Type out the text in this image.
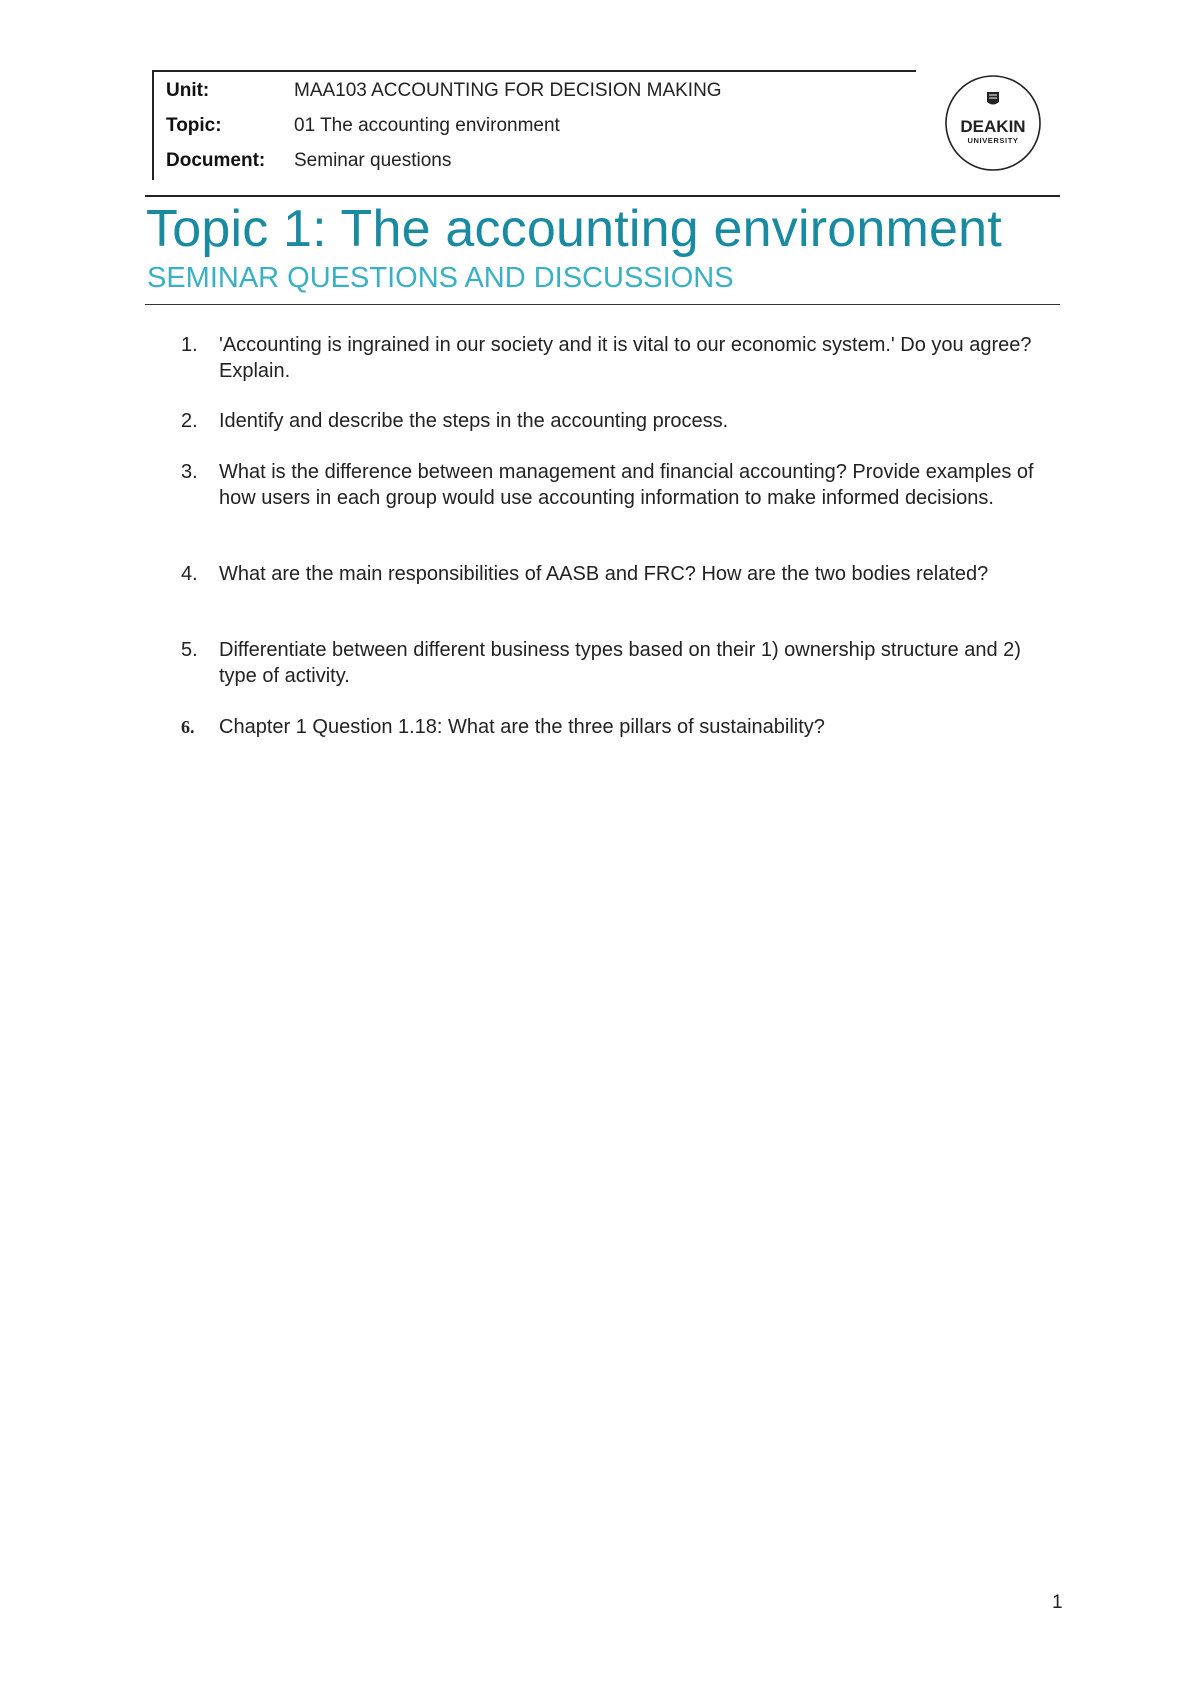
Unit:	MAA103 ACCOUNTING FOR DECISION MAKING
Topic:	01 The accounting environment
Document:	Seminar questions
DEAKIN
UNIVERSITY
Topic 1: The accounting environment
SEMINAR QUESTIONS AND DISCUSSIONS
1. 'Accounting is ingrained in our society and it is vital to our economic system.' Do you agree? Explain.
2. Identify and describe the steps in the accounting process.
3. What is the difference between management and financial accounting? Provide examples of how users in each group would use accounting information to make informed decisions.
4. What are the main responsibilities of AASB and FRC? How are the two bodies related?
5. Differentiate between different business types based on their 1) ownership structure and 2) type of activity.
6. Chapter 1 Question 1.18: What are the three pillars of sustainability?
1
